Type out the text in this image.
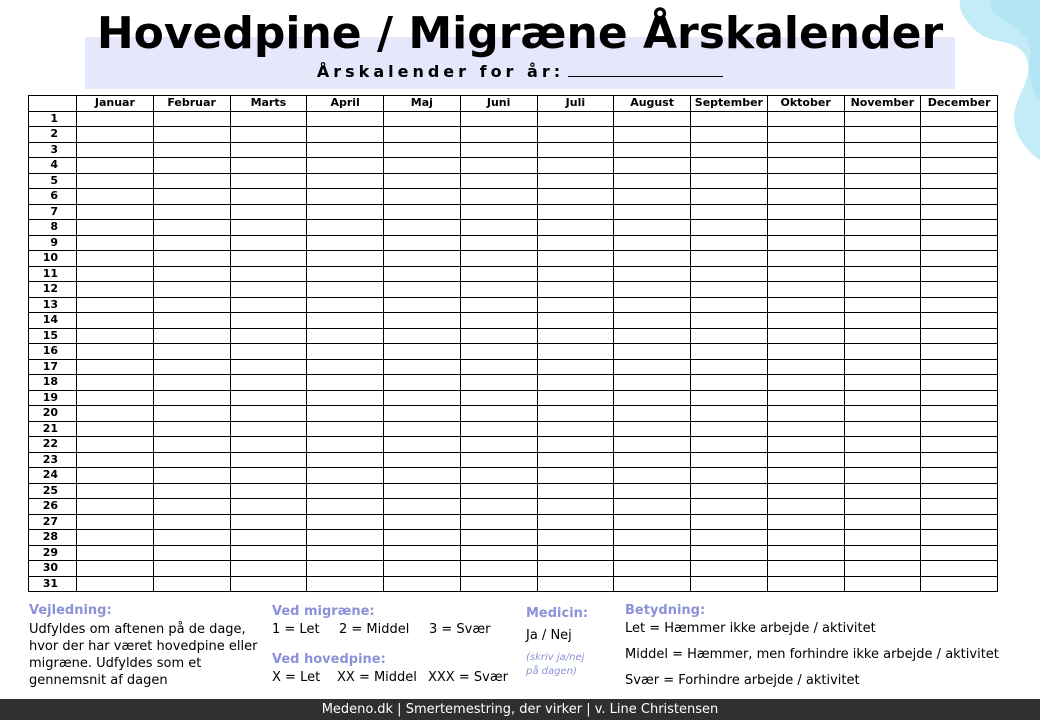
Hovedpine / Migræne Årskalender
Årskalender for år:
	Januar	Februar	Marts	April	Maj	Juni	Juli	August	September	Oktober	November	December
1												
2												
3												
4												
5												
6												
7												
8												
9												
10												
11												
12												
13												
14												
15												
16												
17												
18												
19												
20												
21												
22												
23												
24												
25												
26												
27												
28												
29												
30												
31												
Vejledning:
Udfyldes om aftenen på de dage, hvor der har været hovedpine eller migræne. Udfyldes som et gennemsnit af dagen
Ved migræne:
1 = Let 2 = Middel 3 = Svær
Ved hovedpine:
X = Let XX = Middel XXX = Svær
Medicin:
Ja / Nej
(skriv ja/nej
på dagen)
Betydning:
Let = Hæmmer ikke arbejde / aktivitet
Middel = Hæmmer, men forhindre ikke arbejde / aktivitet
Svær = Forhindre arbejde / aktivitet
Medeno.dk | Smertemestring, der virker | v. Line Christensen
